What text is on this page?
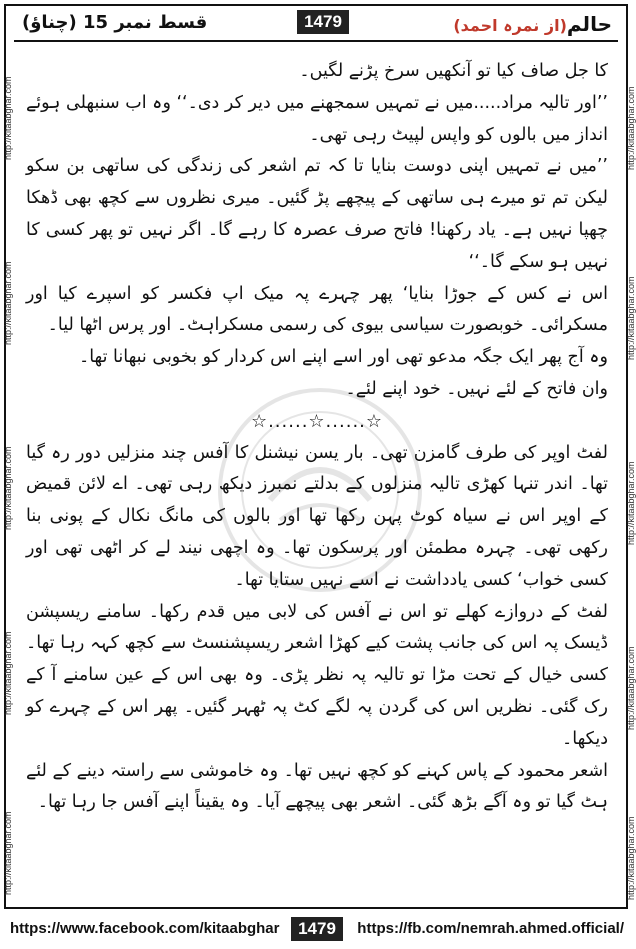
قسط نمبر 15 (چناؤ)	1479	حالم(از نمرہ احمد)
http://kitaabghar.com
http://kitaabghar.com
http://kitaabghar.com
http://kitaabghar.com
http://kitaabghar.com
http://kitaabghar.com
http://kitaabghar.com
http://kitaabghar.com
http://kitaabghar.com
http://kitaabghar.com

کا جل صاف کیا تو آنکھیں سرخ پڑنے لگیں۔

’’اور تالیہ مراد.....میں نے تمہیں سمجھنے میں دیر کر دی۔‘‘ وہ اب سنبھلی ہوئے انداز میں بالوں کو واپس لپیٹ رہی تھی۔

’’میں نے تمہیں اپنی دوست بنایا تا کہ تم اشعر کی زندگی کی ساتھی بن سکو لیکن تم تو میرے ہی ساتھی کے پیچھے پڑ گئیں۔ میری نظروں سے کچھ بھی ڈھکا چھپا نہیں ہے۔ یاد رکھنا! فاتح صرف عصرہ کا رہے گا۔ اگر نہیں تو پھر کسی کا نہیں ہو سکے گا۔‘‘

اس نے کس کے جوڑا بنایا‘ پھر چہرے پہ میک اپ فکسر کو اسپرے کیا اور مسکرائی۔ خوبصورت سیاسی بیوی کی رسمی مسکراہٹ۔ اور پرس اٹھا لیا۔

وہ آج پھر ایک جگہ مدعو تھی اور اسے اپنے اس کردار کو بخوبی نبھانا تھا۔

وان فاتح کے لئے نہیں۔ خود اپنے لئے۔

☆......☆......☆

لفٹ اوپر کی طرف گامزن تھی۔ بار یسن نیشنل کا آفس چند منزلیں دور رہ گیا تھا۔ اندر تنہا کھڑی تالیہ منزلوں کے بدلتے نمبرز دیکھ رہی تھی۔ اے لائن قمیض کے اوپر اس نے سیاہ کوٹ پہن رکھا تھا اور بالوں کی مانگ نکال کے پونی بنا رکھی تھی۔ چہرہ مطمئن اور پرسکون تھا۔ وہ اچھی نیند لے کر اٹھی تھی اور کسی خواب‘ کسی یادداشت نے اسے نہیں ستایا تھا۔

لفٹ کے دروازے کھلے تو اس نے آفس کی لابی میں قدم رکھا۔ سامنے ریسپشن ڈیسک پہ اس کی جانب پشت کیے کھڑا اشعر ریسپشنسٹ سے کچھ کہہ رہا تھا۔ کسی خیال کے تحت مڑا تو تالیہ پہ نظر پڑی۔ وہ بھی اس کے عین سامنے آ کے رک گئی۔ نظریں اس کی گردن پہ لگے کٹ پہ ٹھہر گئیں۔ پھر اس کے چہرے کو دیکھا۔

اشعر محمود کے پاس کہنے کو کچھ نہیں تھا۔ وہ خاموشی سے راستہ دینے کے لئے ہٹ گیا تو وہ آگے بڑھ گئی۔ اشعر بھی پیچھے آیا۔ وہ یقیناً اپنے آفس جا رہا تھا۔

https://www.facebook.com/kitaabghar	1479	https://fb.com/nemrah.ahmed.official/
